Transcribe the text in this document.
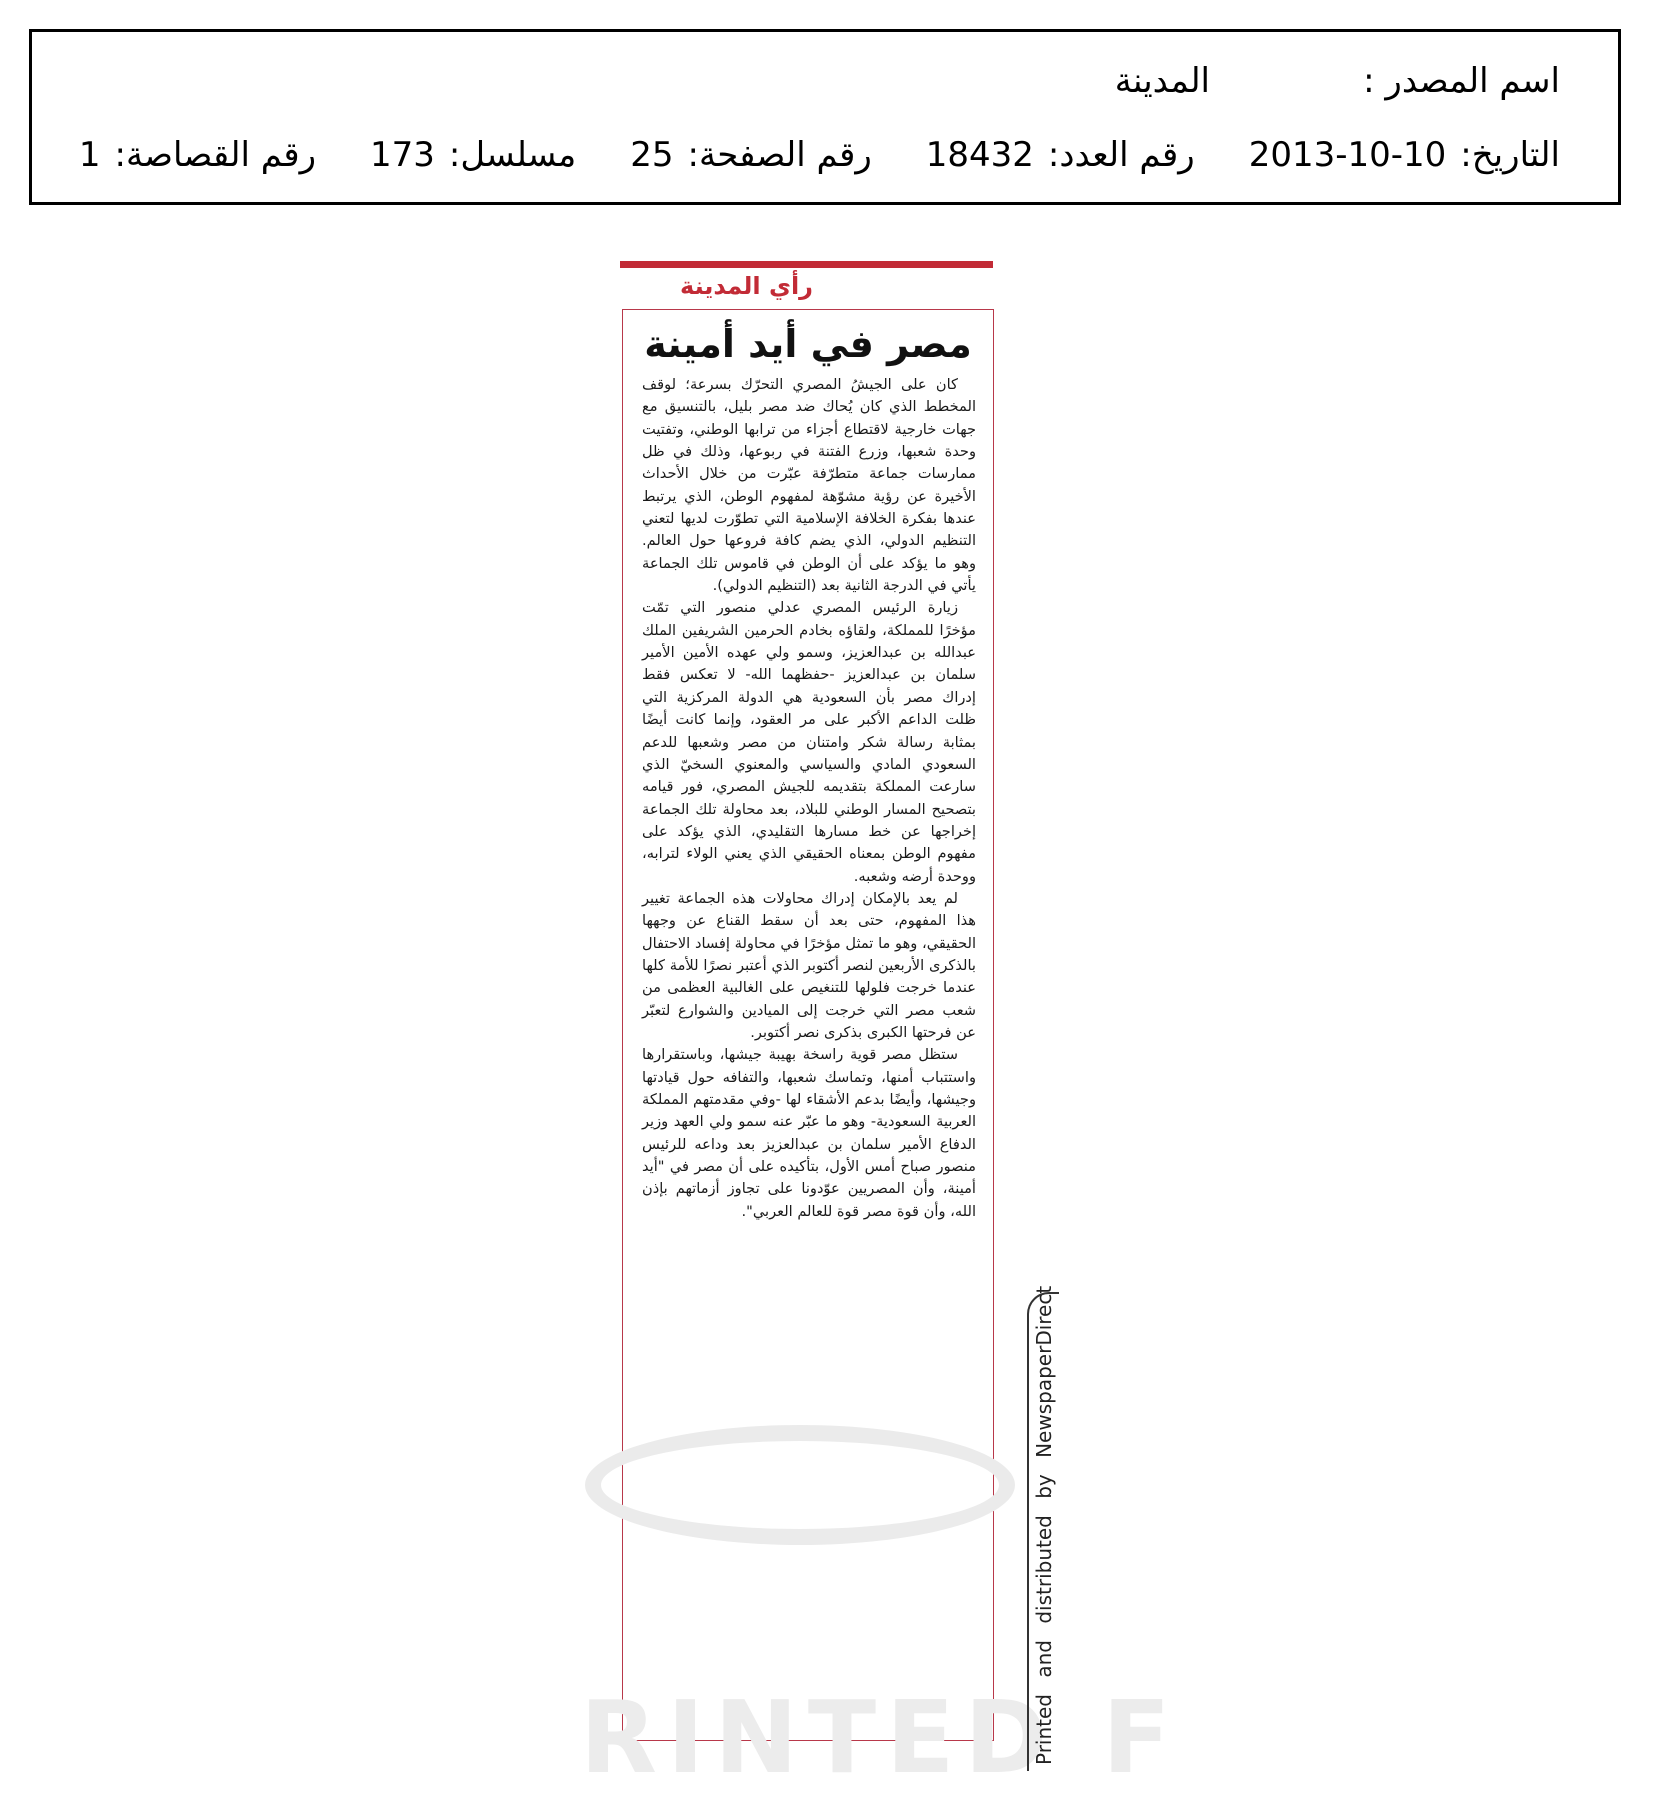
اسم المصدر :
المدينة
التاريخ:
2013-10-10
رقم العدد:
18432
رقم الصفحة:
25
مسلسل:
173
رقم القصاصة:
1
رأي المدينة
RINTED F
مصر في أيد أمينة

كان على الجيشُ المصري التحرّك بسرعة؛ لوقف المخطط الذي كان يُحاك ضد مصر بليل، بالتنسيق مع جهات خارجية لاقتطاع أجزاء من ترابها الوطني، وتفتيت وحدة شعبها، وزرع الفتنة في ربوعها، وذلك في ظل ممارسات جماعة متطرّفة عبّرت من خلال الأحداث الأخيرة عن رؤية مشوّهة لمفهوم الوطن، الذي يرتبط عندها بفكرة الخلافة الإسلامية التي تطوّرت لديها لتعني التنظيم الدولي، الذي يضم كافة فروعها حول العالم. وهو ما يؤكد على أن الوطن في قاموس تلك الجماعة يأتي في الدرجة الثانية بعد (التنظيم الدولي).

زيارة الرئيس المصري عدلي منصور التي تمّت مؤخرًا للمملكة، ولقاؤه بخادم الحرمين الشريفين الملك عبدالله بن عبدالعزيز، وسمو ولي عهده الأمين الأمير سلمان بن عبدالعزيز -حفظهما الله- لا تعكس فقط إدراك مصر بأن السعودية هي الدولة المركزية التي ظلت الداعم الأكبر على مر العقود، وإنما كانت أيضًا بمثابة رسالة شكر وامتنان من مصر وشعبها للدعم السعودي المادي والسياسي والمعنوي السخيّ الذي سارعت المملكة بتقديمه للجيش المصري، فور قيامه بتصحيح المسار الوطني للبلاد، بعد محاولة تلك الجماعة إخراجها عن خط مسارها التقليدي، الذي يؤكد على مفهوم الوطن بمعناه الحقيقي الذي يعني الولاء لترابه، ووحدة أرضه وشعبه.

لم يعد بالإمكان إدراك محاولات هذه الجماعة تغيير هذا المفهوم، حتى بعد أن سقط القناع عن وجهها الحقيقي، وهو ما تمثل مؤخرًا في محاولة إفساد الاحتفال بالذكرى الأربعين لنصر أكتوبر الذي أعتبر نصرًا للأمة كلها عندما خرجت فلولها للتنغيص على الغالبية العظمى من شعب مصر التي خرجت إلى الميادين والشوارع لتعبّر عن فرحتها الكبرى بذكرى نصر أكتوبر.

ستظل مصر قوية راسخة بهيبة جيشها، وباستقرارها واستتباب أمنها، وتماسك شعبها، والتفافه حول قيادتها وجيشها، وأيضًا بدعم الأشقاء لها -وفي مقدمتهم المملكة العربية السعودية- وهو ما عبّر عنه سمو ولي العهد وزير الدفاع الأمير سلمان بن عبدالعزيز بعد وداعه للرئيس منصور صباح أمس الأول، بتأكيده على أن مصر في "أيد أمينة، وأن المصريين عوّدونا على تجاوز أزماتهم بإذن الله، وأن قوة مصر قوة للعالم العربي".

Printed and distributed by NewspaperDirect
